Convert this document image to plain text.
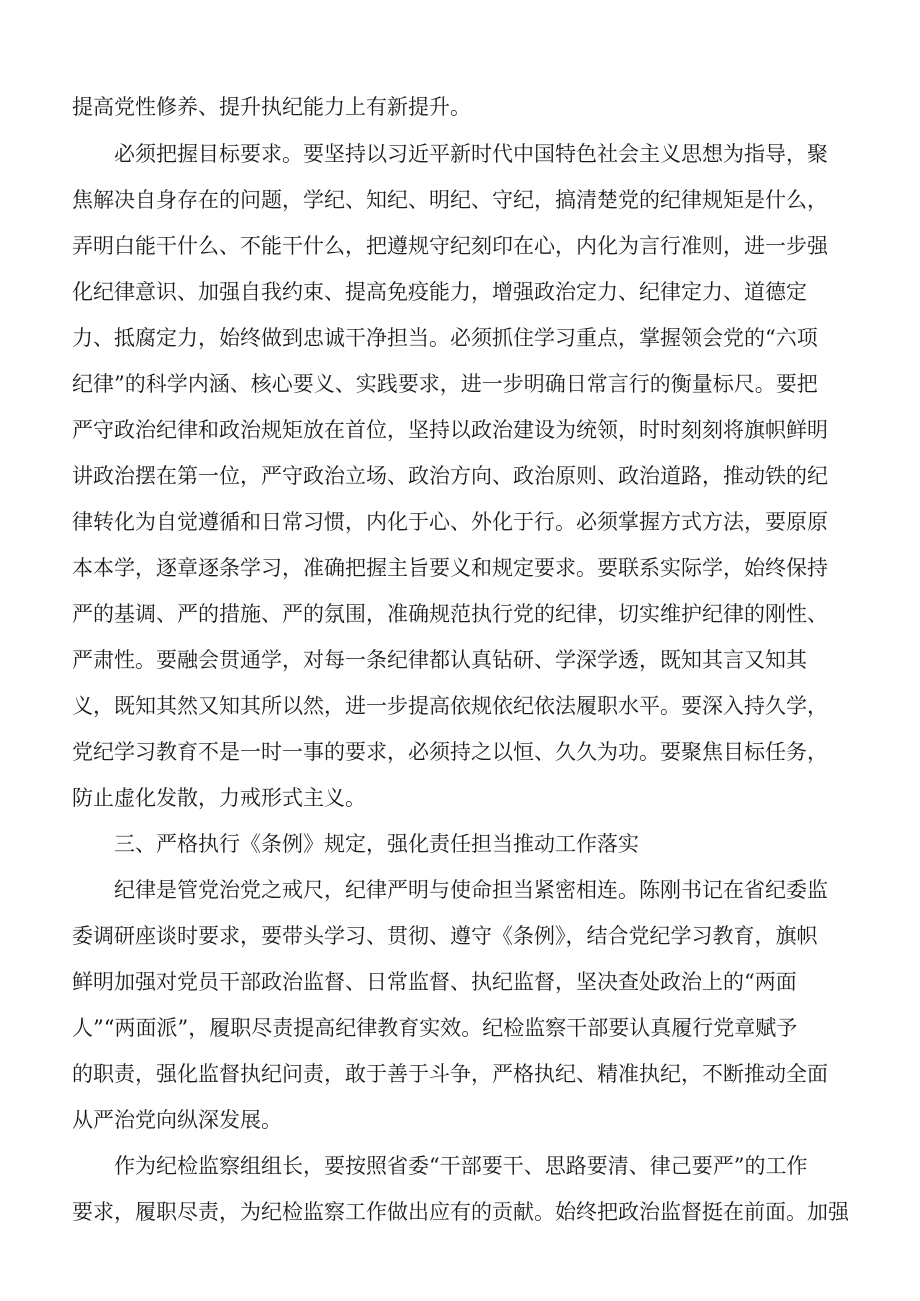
提高党性修养、提升执纪能力上有新提升。
必须把握目标要求。要坚持以习近平新时代中国特色社会主义思想为指导，聚
焦解决自身存在的问题，学纪、知纪、明纪、守纪，搞清楚党的纪律规矩是什么，
弄明白能干什么、不能干什么，把遵规守纪刻印在心，内化为言行准则，进一步强
化纪律意识、加强自我约束、提高免疫能力，增强政治定力、纪律定力、道德定
力、抵腐定力，始终做到忠诚干净担当。必须抓住学习重点，掌握领会党的“六项
纪律”的科学内涵、核心要义、实践要求，进一步明确日常言行的衡量标尺。要把
严守政治纪律和政治规矩放在首位，坚持以政治建设为统领，时时刻刻将旗帜鲜明
讲政治摆在第一位，严守政治立场、政治方向、政治原则、政治道路，推动铁的纪
律转化为自觉遵循和日常习惯，内化于心、外化于行。必须掌握方式方法，要原原
本本学，逐章逐条学习，准确把握主旨要义和规定要求。要联系实际学，始终保持
严的基调、严的措施、严的氛围，准确规范执行党的纪律，切实维护纪律的刚性、
严肃性。要融会贯通学，对每一条纪律都认真钻研、学深学透，既知其言又知其
义，既知其然又知其所以然，进一步提高依规依纪依法履职水平。要深入持久学，
党纪学习教育不是一时一事的要求，必须持之以恒、久久为功。要聚焦目标任务，
防止虚化发散，力戒形式主义。
三、严格执行《条例》规定，强化责任担当推动工作落实
纪律是管党治党之戒尺，纪律严明与使命担当紧密相连。陈刚书记在省纪委监
委调研座谈时要求，要带头学习、贯彻、遵守《条例》，结合党纪学习教育，旗帜
鲜明加强对党员干部政治监督、日常监督、执纪监督，坚决查处政治上的“两面
人”“两面派”，履职尽责提高纪律教育实效。纪检监察干部要认真履行党章赋予
的职责，强化监督执纪问责，敢于善于斗争，严格执纪、精准执纪，不断推动全面
从严治党向纵深发展。
作为纪检监察组组长，要按照省委“干部要干、思路要清、律己要严”的工作
要求，履职尽责，为纪检监察工作做出应有的贡献。始终把政治监督挺在前面。加强
